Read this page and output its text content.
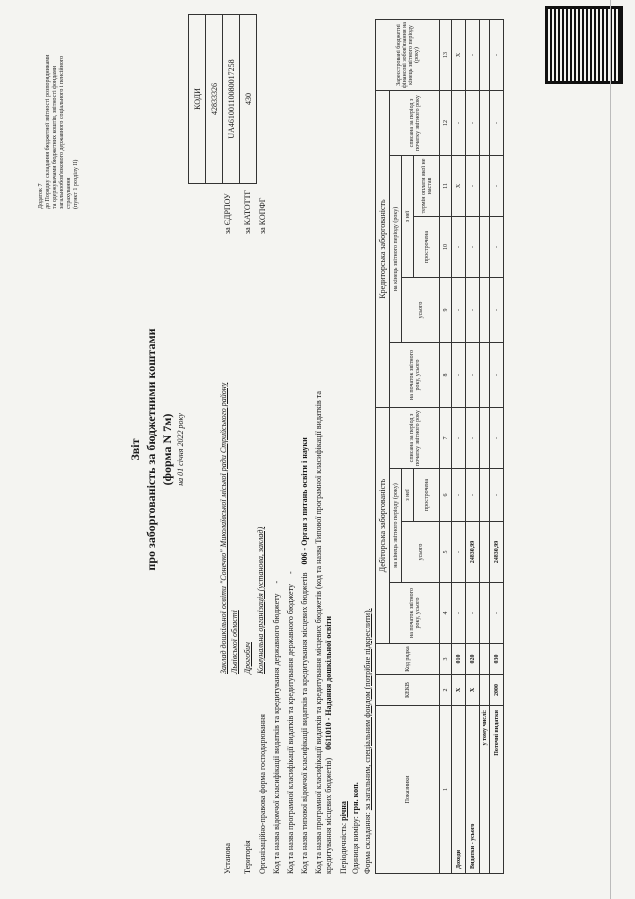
Додаток 7 до Порядку складання бюджетної звітності розпорядниками та одержувачами бюджетних коштів, звітності фондами загальнообов'язкового державного соціального і пенсійного страхування (пункт 1 розділу II)
Звіт про заборгованість за бюджетними коштами (форма N 7м) на 01 січня 2022 року
КОДИ
42833326
UA46100110080017258
430
Установа
Заклад дошкільної освіти "Сонечко" Миколаївської міської ради Стрийського району Львівської області
за ЄДРПОУ
Територія
Дрогобич
за КАТОТТГ
Організаційно-правова форма господарювання
Комунальна організація (установа, заклад)
за КОПФГ
Код та назва відомчої класифікації видатків та кредитування державного бюджету -
Код та назва програмної класифікації видатків та кредитування державного бюджету - Код та назва типової відомчої класифікації видатків та кредитування місцевих бюджетів 006 - Орган з питань освіти і науки Код та назва програмної класифікації видатків та кредитування місцевих бюджетів (код та назва Типової програмної класифікації видатків та кредитування місцевих бюджетів) 0611010 - Надання дошкільної освіти
Періодичність: річна
Одиниця виміру: грн. коп.
Форма складання: за загальним, спеціальним фондом (потрібне підкреслити).	Показники	КЕКВ	Код рядка	Дебіторська заборгованість				Кредиторська заборгованість					Зареєстровані бюджетні фінансові зобов'язання на кінець звітного періоду (року)
			на початок звітного року, усього	на кінець звітного періоду (року)		списана за період з початку звітного року	на початок звітного року, усього	на кінець звітного періоду (року)			списана за період з початку звітного року	
				усього	з неї			усього	з неї			
					прострочена				прострочена	термін оплати якої не настав		
1	2	3	4	5	6	7	8	9	10	11	12	13
Доходи	Х	010	-	-	-	-	-	-	-	Х	-	Х
Видатки - усього	Х	020	-	24830,99	-	-	-	-	-	-	-	-
у тому числі:												
Поточні видатки	2000	030	-	24830,99	-	-	-	-	-	-	-	-
